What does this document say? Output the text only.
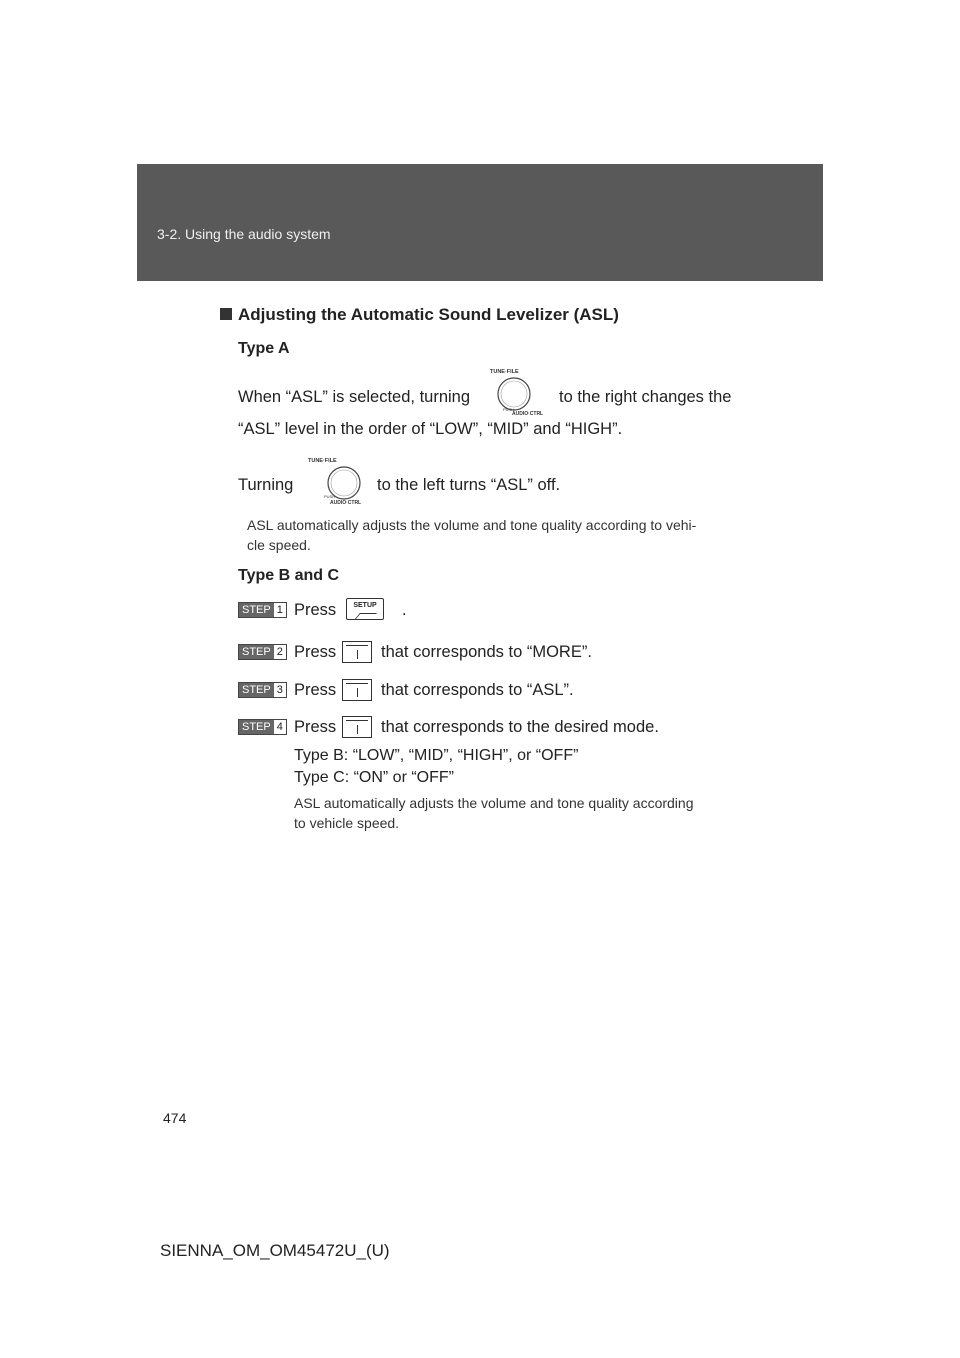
3-2. Using the audio system
Adjusting the Automatic Sound Levelizer (ASL)
Type A
When “ASL” is selected, turning
TUNE·FILE
PUSH
AUDIO·CTRL
to the right changes the
“ASL” level in the order of “LOW”, “MID” and “HIGH”.
Turning
TUNE·FILE
PUSH
AUDIO·CTRL
to the left turns “ASL” off.
ASL automatically adjusts the volume and tone quality according to vehi-
cle speed.
Type B and C
STEP 1 Press	SETUP	.
STEP 2 Press	that corresponds to “MORE”.
STEP 3 Press	that corresponds to “ASL”.
STEP 4 Press	that corresponds to the desired mode.
Type B: “LOW”, “MID”, “HIGH”, or “OFF”
Type C: “ON” or “OFF”
ASL automatically adjusts the volume and tone quality according
to vehicle speed.
474
SIENNA_OM_OM45472U_(U)
